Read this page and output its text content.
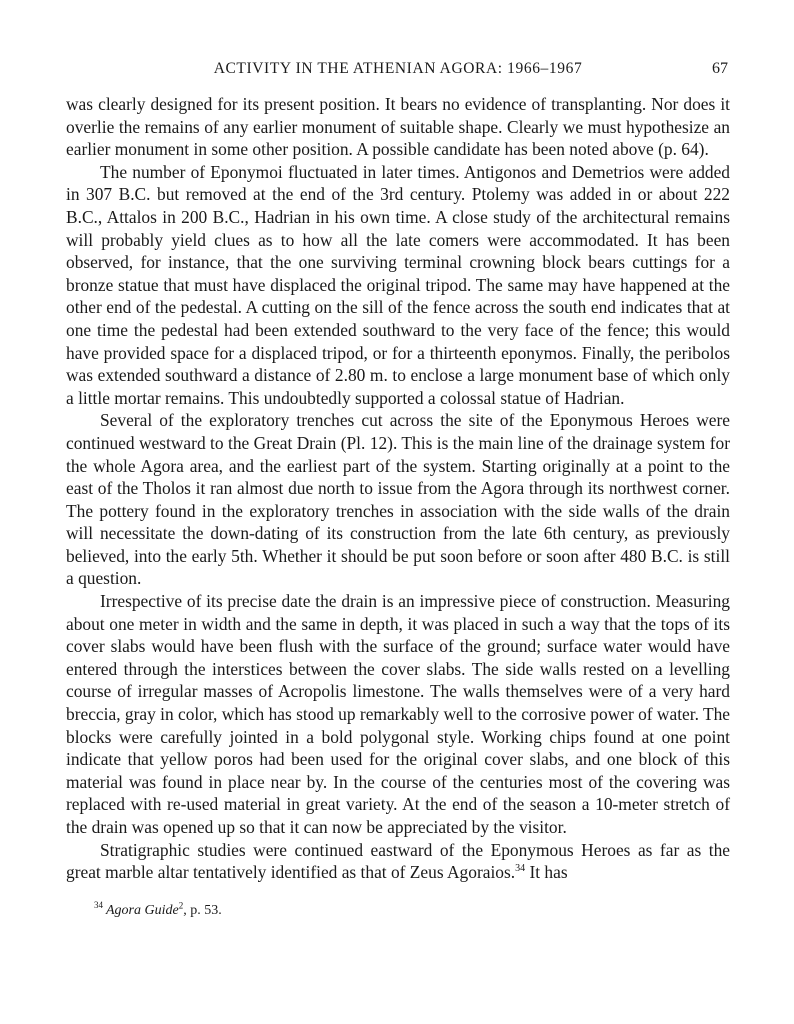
ACTIVITY IN THE ATHENIAN AGORA: 1966–1967	67

was clearly designed for its present position. It bears no evidence of transplanting. Nor does it overlie the remains of any earlier monument of suitable shape. Clearly we must hypothesize an earlier monument in some other position. A possible candidate has been noted above (p. 64).

The number of Eponymoi fluctuated in later times. Antigonos and Demetrios were added in 307 B.C. but removed at the end of the 3rd century. Ptolemy was added in or about 222 B.C., Attalos in 200 B.C., Hadrian in his own time. A close study of the architectural remains will probably yield clues as to how all the late comers were accommodated. It has been observed, for instance, that the one surviving terminal crowning block bears cuttings for a bronze statue that must have displaced the original tripod. The same may have happened at the other end of the pedestal. A cutting on the sill of the fence across the south end indicates that at one time the pedestal had been extended southward to the very face of the fence; this would have provided space for a displaced tripod, or for a thirteenth eponymos. Finally, the peribolos was extended southward a distance of 2.80 m. to enclose a large monument base of which only a little mortar remains. This undoubtedly supported a colossal statue of Hadrian.

Several of the exploratory trenches cut across the site of the Eponymous Heroes were continued westward to the Great Drain (Pl. 12). This is the main line of the drainage system for the whole Agora area, and the earliest part of the system. Starting originally at a point to the east of the Tholos it ran almost due north to issue from the Agora through its northwest corner. The pottery found in the exploratory trenches in association with the side walls of the drain will necessitate the down-dating of its construction from the late 6th century, as previously believed, into the early 5th. Whether it should be put soon before or soon after 480 B.C. is still a question.

Irrespective of its precise date the drain is an impressive piece of construction. Measuring about one meter in width and the same in depth, it was placed in such a way that the tops of its cover slabs would have been flush with the surface of the ground; surface water would have entered through the interstices between the cover slabs. The side walls rested on a levelling course of irregular masses of Acropolis limestone. The walls themselves were of a very hard breccia, gray in color, which has stood up remarkably well to the corrosive power of water. The blocks were carefully jointed in a bold polygonal style. Working chips found at one point indicate that yellow poros had been used for the original cover slabs, and one block of this material was found in place near by. In the course of the centuries most of the covering was replaced with re-used material in great variety. At the end of the season a 10-meter stretch of the drain was opened up so that it can now be appreciated by the visitor.

Stratigraphic studies were continued eastward of the Eponymous Heroes as far as the great marble altar tentatively identified as that of Zeus Agoraios.$^{34}$ It has

$^{34}$ Agora Guide$^2$, p. 53.
